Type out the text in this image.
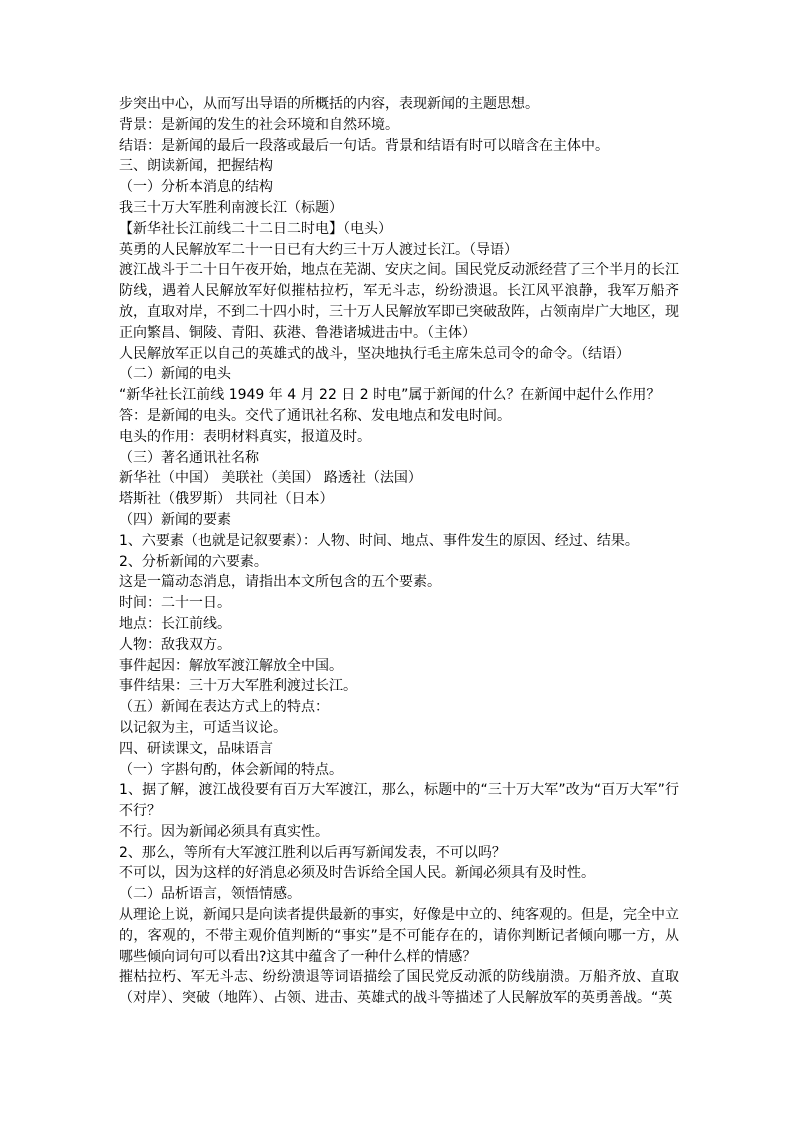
步突出中心，从而写出导语的所概括的内容，表现新闻的主题思想。
背景：是新闻的发生的社会环境和自然环境。
结语：是新闻的最后一段落或最后一句话。背景和结语有时可以暗含在主体中。
三、朗读新闻，把握结构
（一）分析本消息的结构
我三十万大军胜利南渡长江（标题）
【新华社长江前线二十二日二时电】（电头）
英勇的人民解放军二十一日已有大约三十万人渡过长江。（导语）
渡江战斗于二十日午夜开始，地点在芜湖、安庆之间。国民党反动派经营了三个半月的长江防线，遇着人民解放军好似摧枯拉朽，军无斗志，纷纷溃退。长江风平浪静，我军万船齐放，直取对岸，不到二十四小时，三十万人民解放军即已突破敌阵，占领南岸广大地区，现正向繁昌、铜陵、青阳、荻港、鲁港诸城进击中。（主体）
人民解放军正以自己的英雄式的战斗，坚决地执行毛主席朱总司令的命令。（结语）
（二）新闻的电头
“新华社长江前线 1949 年 4 月 22 日 2 时电”属于新闻的什么？在新闻中起什么作用？
答：是新闻的电头。交代了通讯社名称、发电地点和发电时间。
电头的作用：表明材料真实，报道及时。
（三）著名通讯社名称
新华社（中国） 美联社（美国） 路透社（法国）
塔斯社（俄罗斯） 共同社（日本）
（四）新闻的要素
1、六要素（也就是记叙要素）：人物、时间、地点、事件发生的原因、经过、结果。
2、分析新闻的六要素。
这是一篇动态消息，请指出本文所包含的五个要素。
时间：二十一日。
地点：长江前线。
人物：敌我双方。
事件起因：解放军渡江解放全中国。
事件结果：三十万大军胜利渡过长江。
（五）新闻在表达方式上的特点：
以记叙为主，可适当议论。
四、研读课文，品味语言
（一）字斟句酌，体会新闻的特点。
1、据了解，渡江战役要有百万大军渡江，那么，标题中的“三十万大军”改为“百万大军”行不行？
不行。因为新闻必须具有真实性。
2、那么，等所有大军渡江胜利以后再写新闻发表，不可以吗？
不可以，因为这样的好消息必须及时告诉给全国人民。新闻必须具有及时性。
（二）品析语言，领悟情感。
从理论上说，新闻只是向读者提供最新的事实，好像是中立的、纯客观的。但是，完全中立的，客观的，不带主观价值判断的“事实”是不可能存在的，请你判断记者倾向哪一方，从哪些倾向词句可以看出?这其中蕴含了一种什么样的情感？
摧枯拉朽、军无斗志、纷纷溃退等词语描绘了国民党反动派的防线崩溃。万船齐放、直取（对岸）、突破（地阵）、占领、进击、英雄式的战斗等描述了人民解放军的英勇善战。“英
